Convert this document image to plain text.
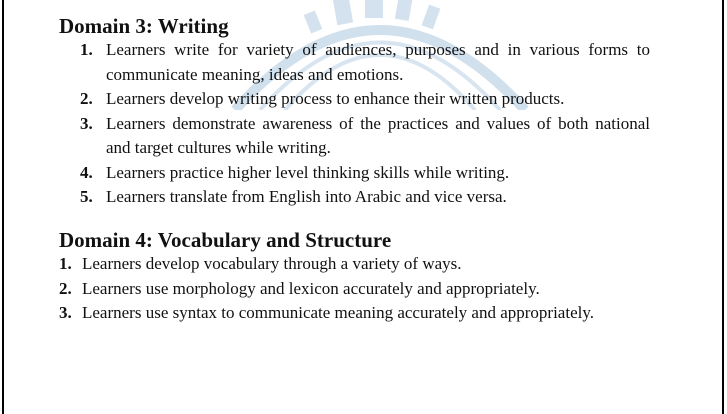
Domain 3: Writing
1. Learners write for variety of audiences, purposes and in various forms to communicate meaning, ideas and emotions.
2. Learners develop writing process to enhance their written products.
3. Learners demonstrate awareness of the practices and values of both national and target cultures while writing.
4. Learners practice higher level thinking skills while writing.
5. Learners translate from English into Arabic and vice versa.
Domain 4: Vocabulary and Structure
1. Learners develop vocabulary through a variety of ways.
2. Learners use morphology and lexicon accurately and appropriately.
3. Learners use syntax to communicate meaning accurately and appropriately.
